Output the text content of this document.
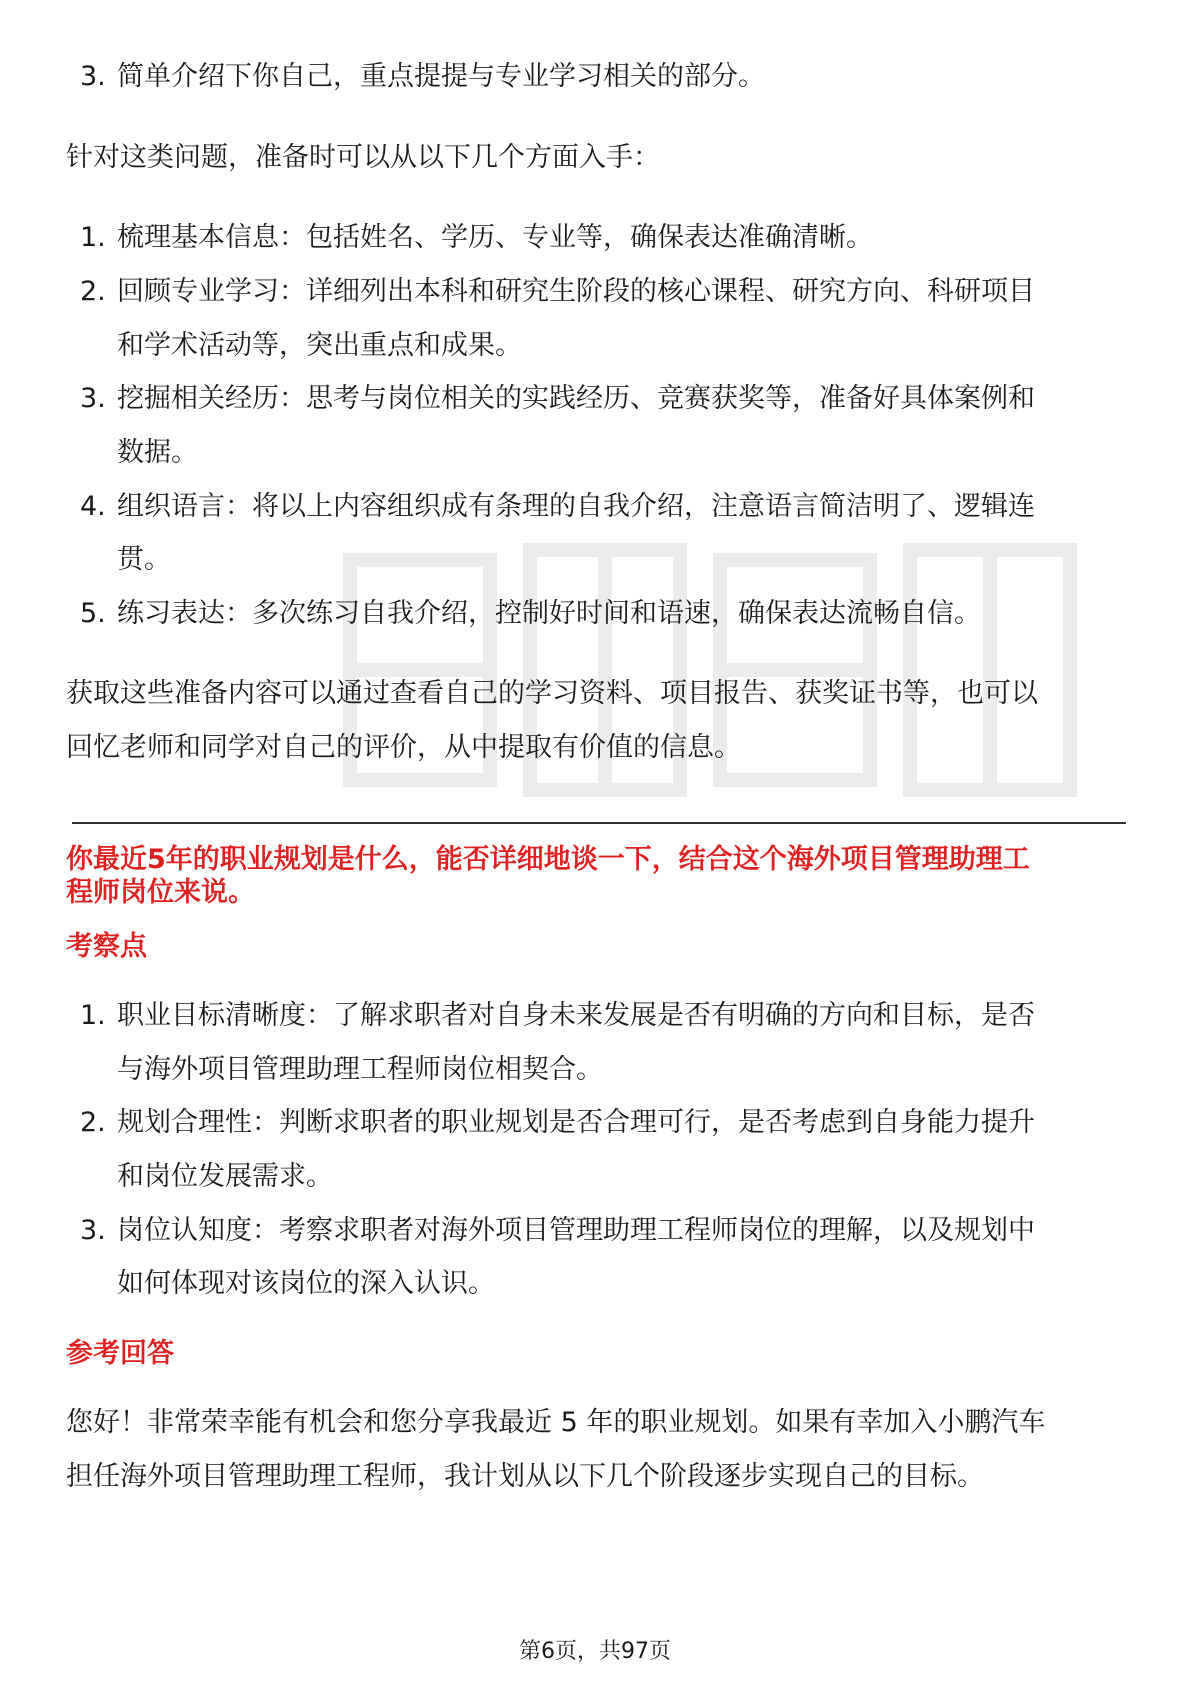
3. 简单介绍下你自己，重点提提与专业学习相关的部分。
针对这类问题，准备时可以从以下几个方面入手：
1. 梳理基本信息：包括姓名、学历、专业等，确保表达准确清晰。
2. 回顾专业学习：详细列出本科和研究生阶段的核心课程、研究方向、科研项目
和学术活动等，突出重点和成果。
3. 挖掘相关经历：思考与岗位相关的实践经历、竞赛获奖等，准备好具体案例和
数据。
4. 组织语言：将以上内容组织成有条理的自我介绍，注意语言简洁明了、逻辑连
贯。
5. 练习表达：多次练习自我介绍，控制好时间和语速，确保表达流畅自信。
获取这些准备内容可以通过查看自己的学习资料、项目报告、获奖证书等，也可以
回忆老师和同学对自己的评价，从中提取有价值的信息。
你最近5年的职业规划是什么，能否详细地谈一下，结合这个海外项目管理助理工
程师岗位来说。
考察点
1. 职业目标清晰度：了解求职者对自身未来发展是否有明确的方向和目标，是否
与海外项目管理助理工程师岗位相契合。
2. 规划合理性：判断求职者的职业规划是否合理可行，是否考虑到自身能力提升
和岗位发展需求。
3. 岗位认知度：考察求职者对海外项目管理助理工程师岗位的理解，以及规划中
如何体现对该岗位的深入认识。
参考回答
您好！非常荣幸能有机会和您分享我最近 5 年的职业规划。如果有幸加入小鹏汽车
担任海外项目管理助理工程师，我计划从以下几个阶段逐步实现自己的目标。
第6页，共97页
